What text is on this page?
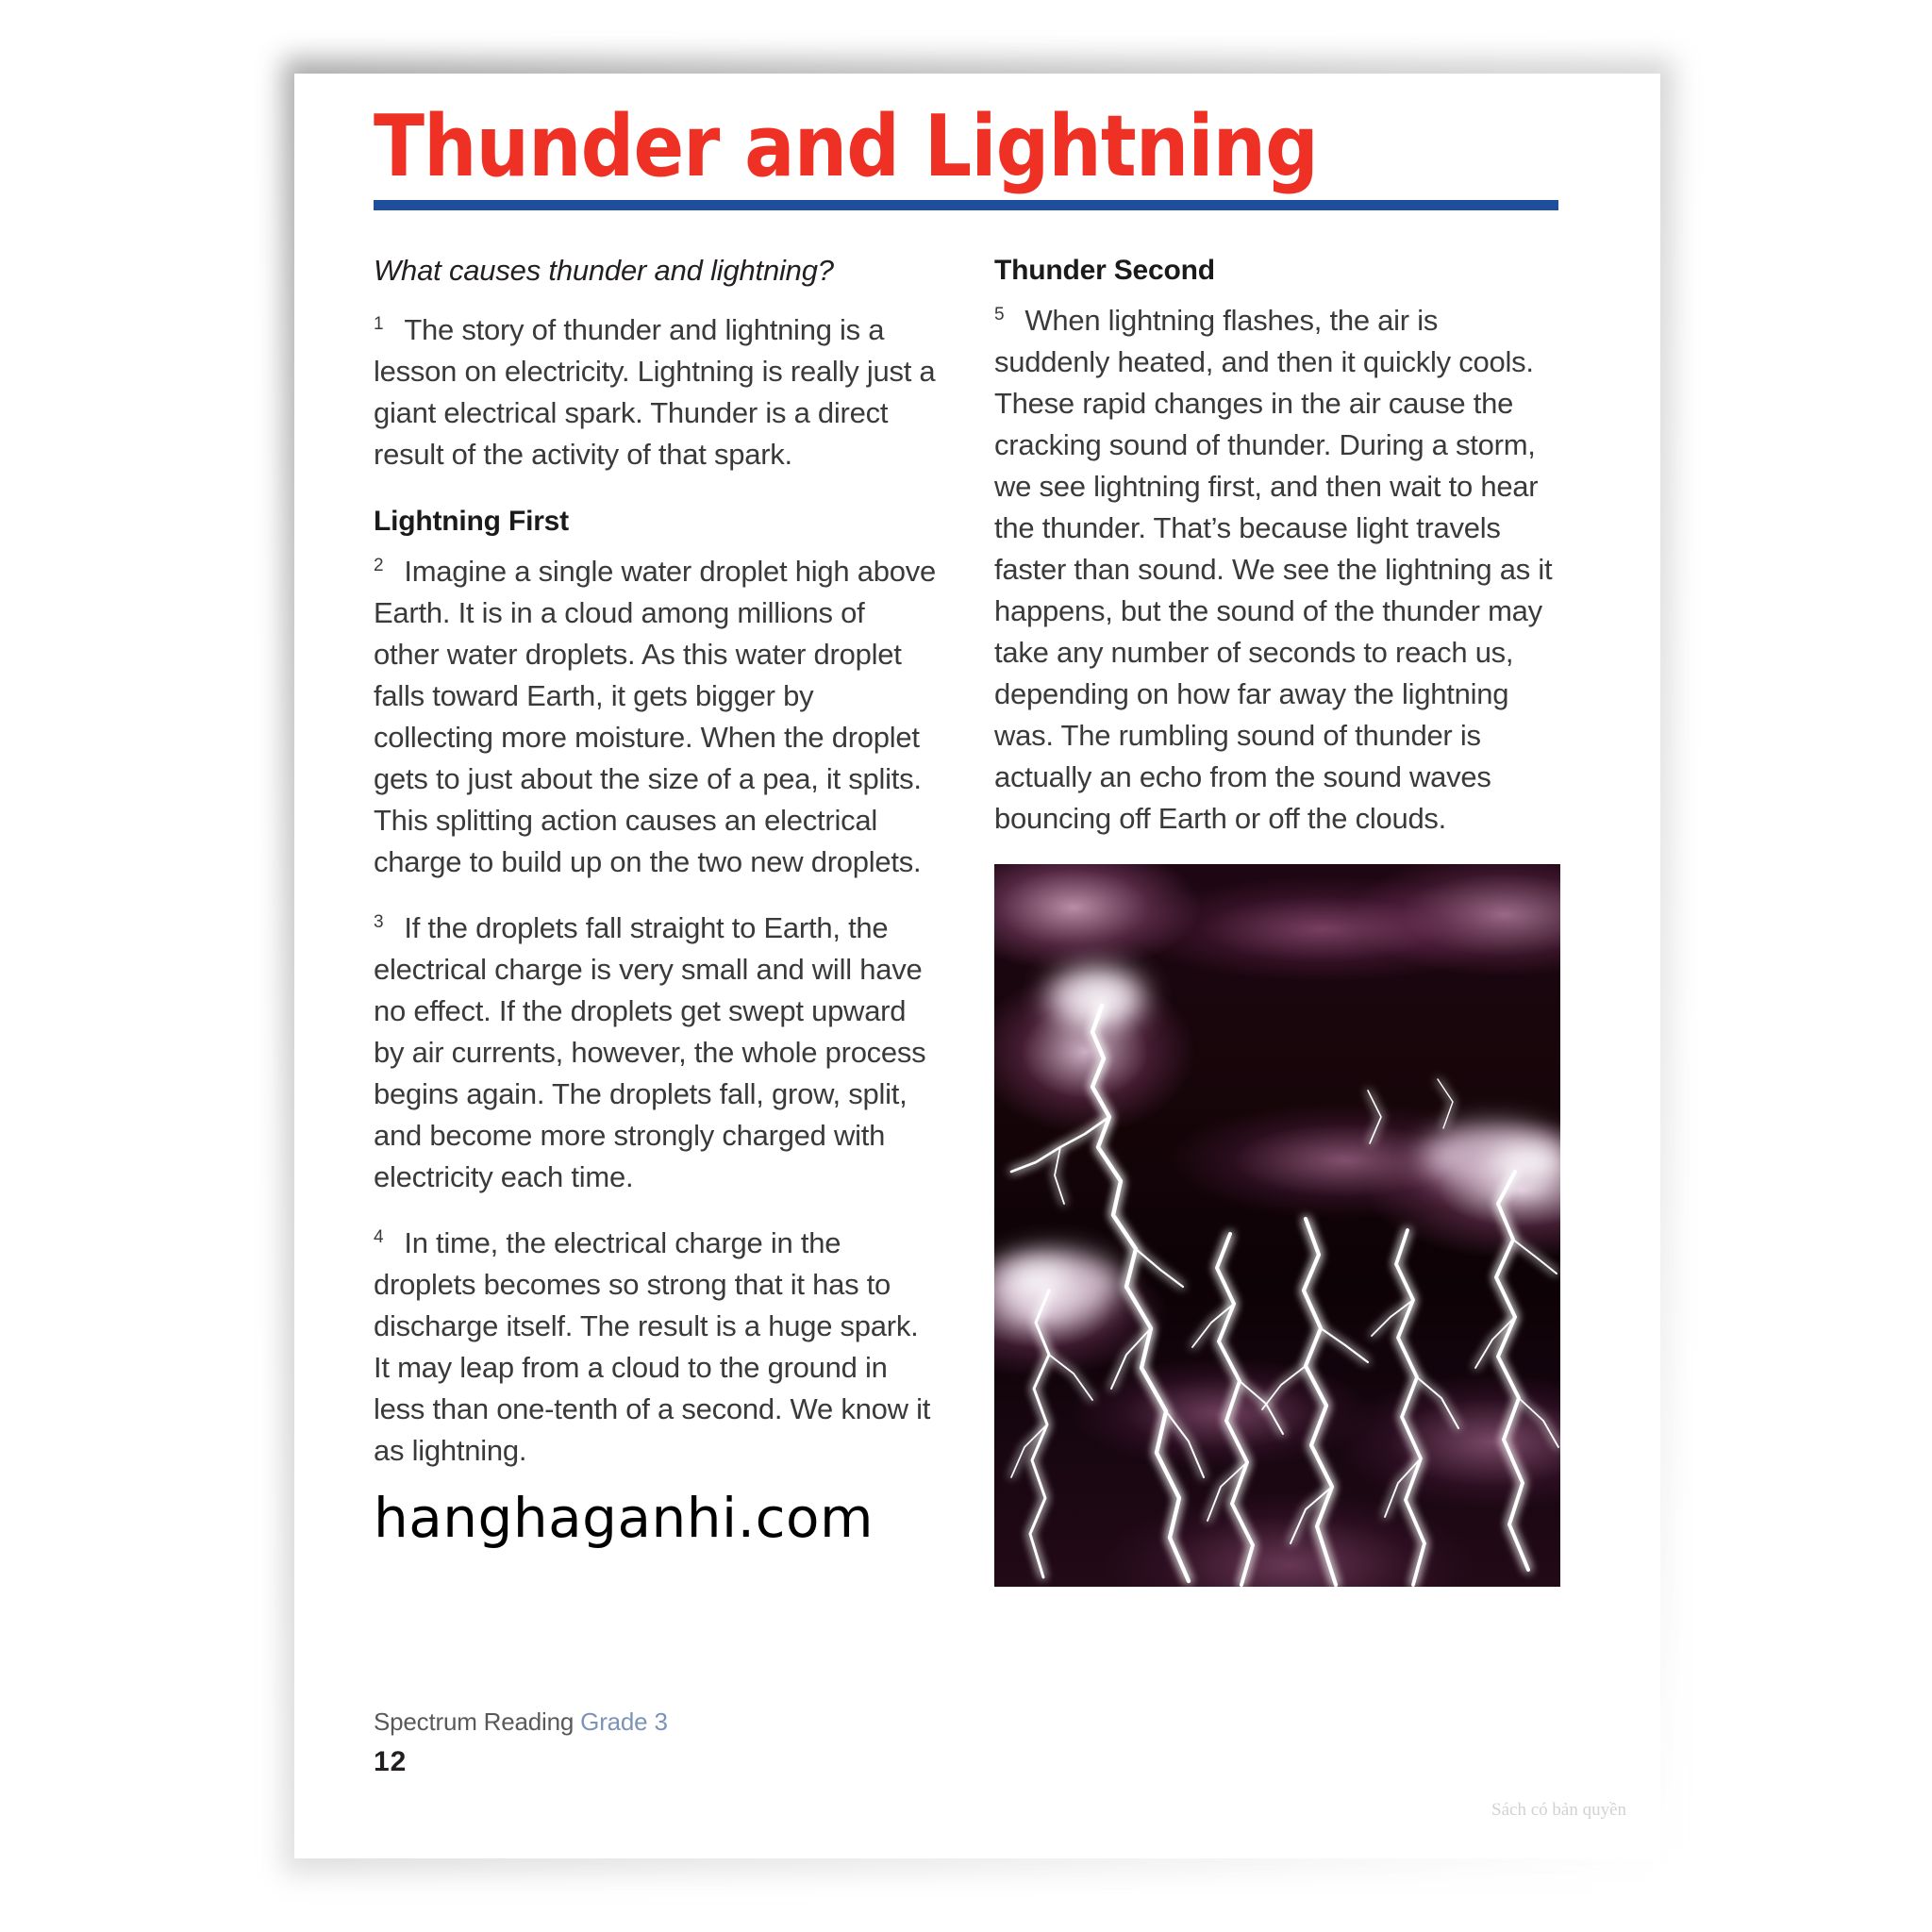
Thunder and Lightning

What causes thunder and lightning?

$^1$ The story of thunder and lightning is a lesson on electricity. Lightning is really just a giant electrical spark. Thunder is a direct result of the activity of that spark.

Lightning First

$^2$ Imagine a single water droplet high above Earth. It is in a cloud among millions of other water droplets. As this water droplet falls toward Earth, it gets bigger by collecting more moisture. When the droplet gets to just about the size of a pea, it splits. This splitting action causes an electrical charge to build up on the two new droplets.

$^3$ If the droplets fall straight to Earth, the electrical charge is very small and will have no effect. If the droplets get swept upward by air currents, however, the whole process begins again. The droplets fall, grow, split, and become more strongly charged with electricity each time.

$^4$ In time, the electrical charge in the droplets becomes so strong that it has to discharge itself. The result is a huge spark. It may leap from a cloud to the ground in less than one-tenth of a second. We know it as lightning.

Thunder Second

$^5$ When lightning flashes, the air is suddenly heated, and then it quickly cools. These rapid changes in the air cause the cracking sound of thunder. During a storm, we see lightning first, and then wait to hear the thunder. That’s because light travels faster than sound. We see the lightning as it happens, but the sound of the thunder may take any number of seconds to reach us, depending on how far away the lightning was. The rumbling sound of thunder is actually an echo from the sound waves bouncing off Earth or off the clouds.

hanghaganhi.com
Spectrum Reading Grade 3
12
Sách có bản quyền
